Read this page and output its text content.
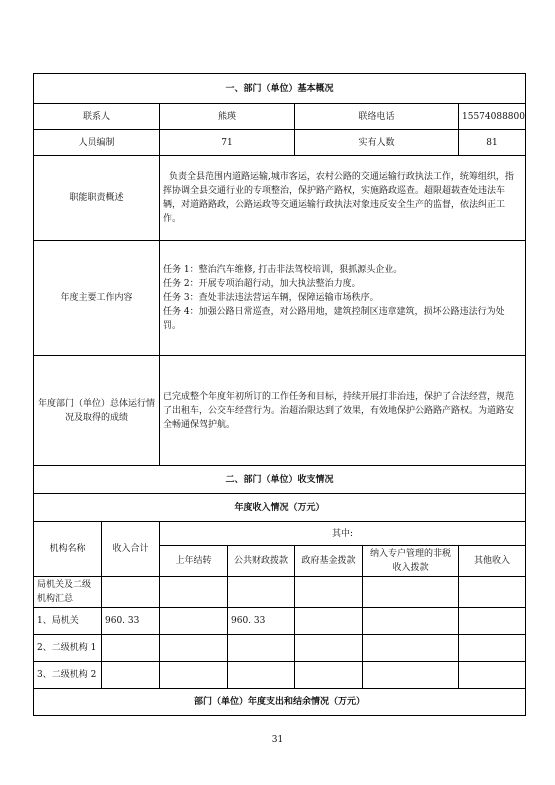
一、部门（单位）基本概况						
联系人		熊瑛		联络电话		15574088800
人员编制		71		实有人数		81
职能职责概述		负责全县范围内道路运输,城市客运，农村公路的交通运输行政执法工作，统筹组织，指挥协调全县交通行业的专项整治，保护路产路权，实施路政巡查。超限超载查处违法车辆，对道路路政，公路运政等交通运输行政执法对象违反安全生产的监督，依法纠正工作。				
年度主要工作内容		任务 1：整治汽车维修, 打击非法驾校培训，狠抓源头企业。
任务 2：开展专项治超行动，加大执法整治力度。
任务 3：查处非法违法营运车辆，保障运输市场秩序。
任务 4：加强公路日常巡查，对公路用地，建筑控制区违章建筑，损坏公路违法行为处罚。				

年度部门（单位）总体运行情况及取得的成绩		已完成整个年度年初所订的工作任务和目标，持续开展打非治违，保护了合法经营，规范了出租车，公交车经营行为。治超治限达到了效果，有效地保护公路路产路权。为道路安全畅通保驾护航。				
二、部门（单位）收支情况						
年度收入情况（万元）						
机构名称	收入合计	其中:				
		上年结转	公共财政拨款	政府基金拨款	纳入专户管理的非税收入拨款	其他收入
局机关及二级机构汇总						
1、局机关	960. 33		960. 33			
2、二级机构 1						
3、二级机构 2						
部门（单位）年度支出和结余情况（万元）						
31
